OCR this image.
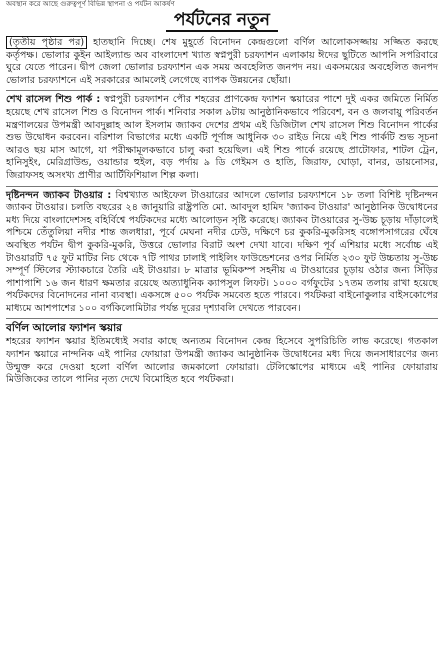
অবস্থান করে আছে গুরুত্বপূর্ণ বিভিন্ন স্থাপনা ও পর্যটন আকর্ষণ
পর্যটনের নতুন

(তৃতীয় পৃষ্ঠার পর) হাতছানি দিচ্ছে। শেষ মুহূর্তে বিনোদন কেন্দ্রগুলো বর্ণিল আলোকসজ্জায় সজ্জিত করছে কর্তৃপক্ষ। ভোলার কুইন আইল্যান্ড অব বাংলাদেশ খ্যাত স্বপ্নপুরী চরফ্যাশন এলাকায় ঈদের ছুটিতে আপনি সপরিবারে ঘুরে যেতে পারেন। দ্বীপ জেলা ভোলার চরফ্যাশন এক সময় অবহেলিত জনপদ নয়। একসময়ের অবহেলিত জনপদ ভোলার চরফ্যাশনে এই সরকারের আমলেই লেগেছে ব্যাপক উন্নয়নের ছোঁয়া।

শেখ রাসেল শিশু পার্ক : স্বপ্নপুরী চরফ্যাশন পৌর শহরের প্রাণকেন্দ্র ফ্যাশন স্কয়ারের পাশে দুই একর জমিতে নির্মিত হয়েছে শেখ রাসেল শিশু ও বিনোদন পার্ক। শনিবার সকাল ৯টায় আনুষ্ঠানিকভাবে পরিবেশ, বন ও জলবায়ু পরিবর্তন মন্ত্রণালয়ের উপমন্ত্রী আবদুল্লাহ আল ইসলাম জ্যাকব দেশের প্রথম এই ডিজিটাল শেখ রাসেল শিশু বিনোদন পার্কের শুভ উদ্বোধন করবেন। বরিশাল বিভাগের মধ্যে একটি পূর্ণাঙ্গ আধুনিক ৩০ রাইড নিয়ে এই শিশু পার্কটি শুভ সূচনা আরও ছয় মাস আগে, যা পরীক্ষামূলকভাবে চালু করা হয়েছিল। এই শিশু পার্কে রয়েছে প্রাটোফার, শাটল ট্রেন, হানিসুইং, মেরিগ্রাউন্ড, ওয়ান্ডার হুইল, বড় পর্দায় ৯ ডি গেইমস ও হাতি, জিরাফ, ঘোড়া, বানর, ডায়নোসর, জিরাফসহ অসংখ্য প্রাণীর আর্টিফিশিয়াল শিল্প কলা।

দৃষ্টিনন্দন জ্যাকব টাওয়ার : বিশ্বখ্যাত আইফেল টাওয়ারের আদলে ভোলার চরফ্যাশনে ১৮ তলা বিশিষ্ট দৃষ্টিনন্দন জ্যাকব টাওয়ার। চলতি বছরের ২৪ জানুয়ারি রাষ্ট্রপতি মো. আবদুল হামিদ 'জ্যাকব টাওয়ার' আনুষ্ঠানিক উদ্বোধনের মধ্য দিয়ে বাংলাদেশসহ বহির্বিশ্বে পর্যটকদের মধ্যে আলোড়ন সৃষ্টি করেছে। জ্যাকব টাওয়ারের সু-উচ্চ চূড়ায় দাঁড়ালেই পশ্চিমে তেঁতুলিয়া নদীর শান্ত জলধারা, পূর্বে মেঘনা নদীর ঢেউ, দক্ষিণে চর কুকরি-মুকরিসহ বঙ্গোপসাগরের ঘেঁষে অবস্থিত পর্যটন দ্বীপ কুকরি-মুকরি, উত্তরে ভোলার বিরাট অংশ দেখা যাবে। দক্ষিণ পূর্ব এশিয়ার মধ্যে সর্বোচ্চ এই টাওয়ারটি ৭৫ ফুট মাটির নিচ থেকে ৭টি পাথর ঢালাই পাইলিং ফাউন্ডেশনের ওপর নির্মিত ২৩০ ফুট উচ্চতায় সু-উচ্চ সম্পূর্ণ স্টিলের স্ট্যাকচারে তৈরি এই টাওয়ার। ৮ মাত্রার ভূমিকম্প সহনীয় এ টাওয়ারের চূড়ায় ওঠার জন্য সিঁড়ির পাশাপাশি ১৬ জন ধারণ ক্ষমতার রয়েছে অত্যাধুনিক ক্যাপসুল লিফট। ১০০০ বর্গফুটের ১৭তম তলায় রাখা হয়েছে পর্যটকদের বিনোদনের নানা ব্যবস্থা। একসঙ্গে ৫০০ পর্যটক সমবেত হতে পারবে। পর্যটকরা বাইনোকুলার বাইসকোপের মাধ্যমে আশপাশের ১০০ বর্গকিলোমিটার পর্যন্ত দূরের দৃশ্যাবলি দেখতে পারবেন।

বর্ণিল আলোর ফ্যাশন স্কয়ার

শহরের ফ্যাশন স্কয়ার ইতিমধ্যেই সবার কাছে অন্যতম বিনোদন কেন্দ্র হিসেবে সুপরিচিতি লাভ করেছে। গতকাল ফ্যাশন স্কয়ারে নান্দনিক এই পানির ফোয়ারা উপমন্ত্রী জ্যাকব আনুষ্ঠানিক উদ্বোধনের মধ্য দিয়ে জনসাধারণের জন্য উন্মুক্ত করে দেওয়া হলো বর্ণিল আলোর জমকালো ফোয়ারা। টেলিস্কোপের মাধ্যমে এই পানির ফোয়ারায় মিউজিকের তালে পানির নৃত্য দেখে বিমোহিত হবে পর্যটকরা।
